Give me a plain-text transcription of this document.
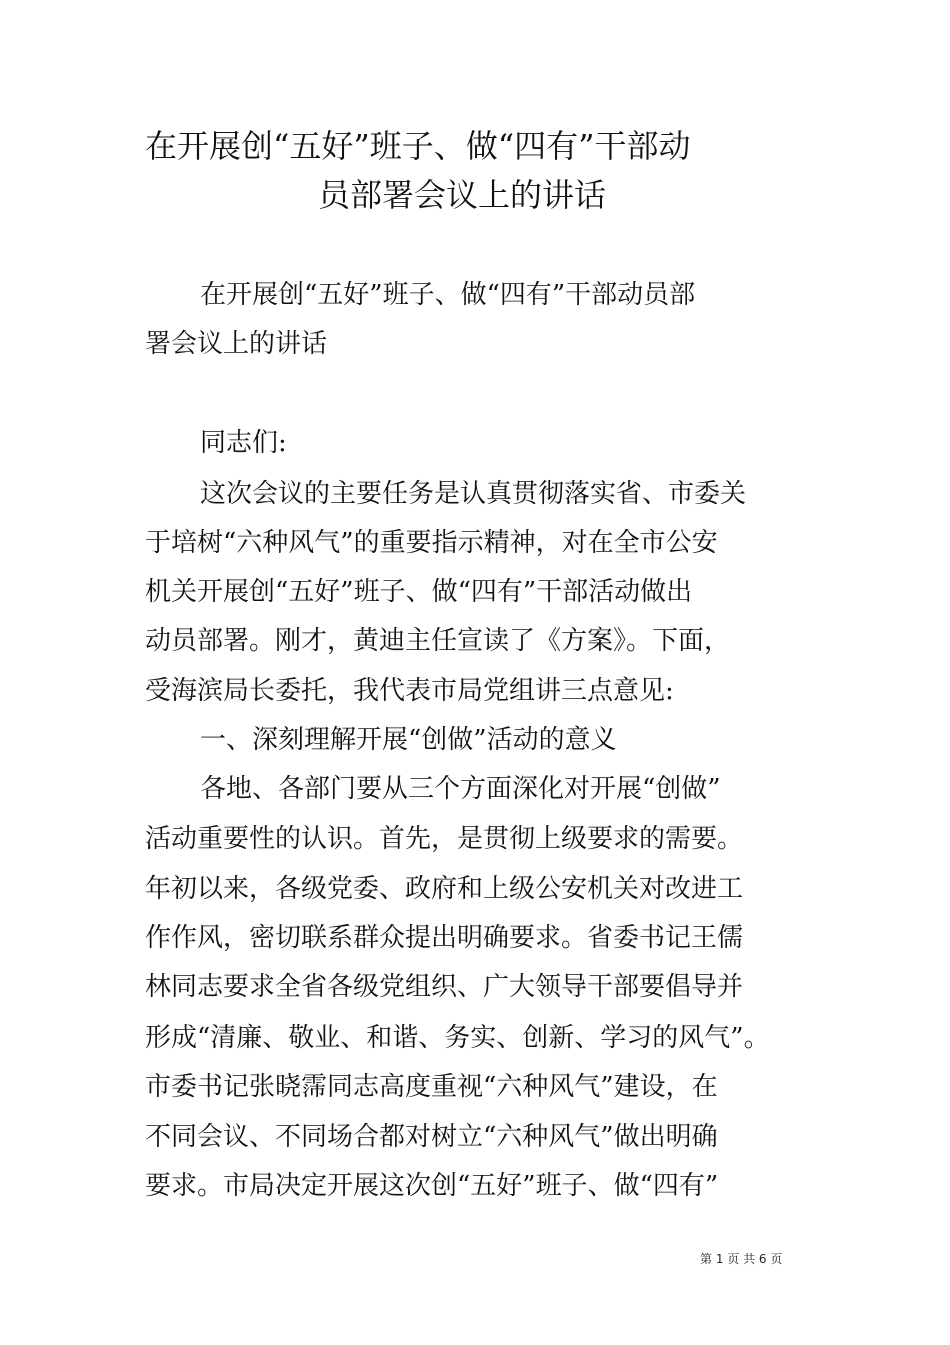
在开展创“五好”班子、做“四有”干部动
员部署会议上的讲话
在开展创“五好”班子、做“四有”干部动员部
署会议上的讲话
同志们:
这次会议的主要任务是认真贯彻落实省、市委关
于培树“六种风气”的重要指示精神，对在全市公安
机关开展创“五好”班子、做“四有”干部活动做出
动员部署。刚才，黄迪主任宣读了《方案》。下面，
受海滨局长委托，我代表市局党组讲三点意见:
一、深刻理解开展“创做”活动的意义
各地、各部门要从三个方面深化对开展“创做”
活动重要性的认识。首先，是贯彻上级要求的需要。
年初以来，各级党委、政府和上级公安机关对改进工
作作风，密切联系群众提出明确要求。省委书记王儒
林同志要求全省各级党组织、广大领导干部要倡导并
形成“清廉、敬业、和谐、务实、创新、学习的风气”。
市委书记张晓霈同志高度重视“六种风气”建设，在
不同会议、不同场合都对树立“六种风气”做出明确
要求。市局决定开展这次创“五好”班子、做“四有”
第 1 页 共 6 页
